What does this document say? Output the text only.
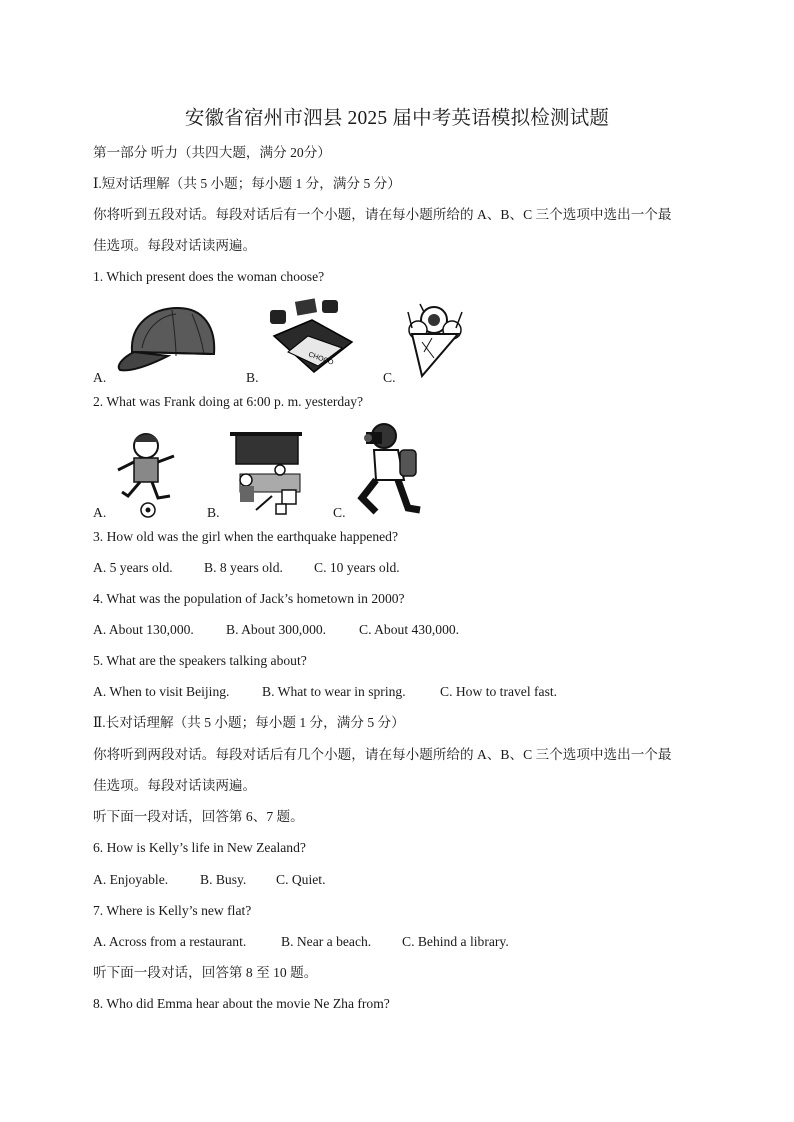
安徽省宿州市泗县 2025 届中考英语模拟检测试题
第一部分 听力（共四大题，满分 20分）
Ⅰ.短对话理解（共 5 小题；每小题 1 分，满分 5 分）
你将听到五段对话。每段对话后有一个小题，请在每小题所给的 A、B、C 三个选项中选出一个最
佳选项。每段对话读两遍。
1. Which present does the woman choose?
CHOCO
A.	B.	C.
2. What was Frank doing at 6:00 p. m. yesterday?
A.	B.	C.
3. How old was the girl when the earthquake happened?
A. 5 years old. B. 8 years old. C. 10 years old.
4. What was the population of Jack’s hometown in 2000?
A. About 130,000. B. About 300,000. C. About 430,000.
5. What are the speakers talking about?
A. When to visit Beijing. B. What to wear in spring.	C. How to travel fast.
Ⅱ.长对话理解（共 5 小题；每小题 1 分，满分 5 分）
你将听到两段对话。每段对话后有几个小题，请在每小题所给的 A、B、C 三个选项中选出一个最
佳选项。每段对话读两遍。
听下面一段对话，回答第 6、7 题。
6. How is Kelly’s life in New Zealand?
A. Enjoyable. B. Busy. C. Quiet.
7. Where is Kelly’s new flat?
A. Across from a restaurant.	B. Near a beach. C. Behind a library.
听下面一段对话，回答第 8 至 10 题。
8. Who did Emma hear about the movie Ne Zha from?
